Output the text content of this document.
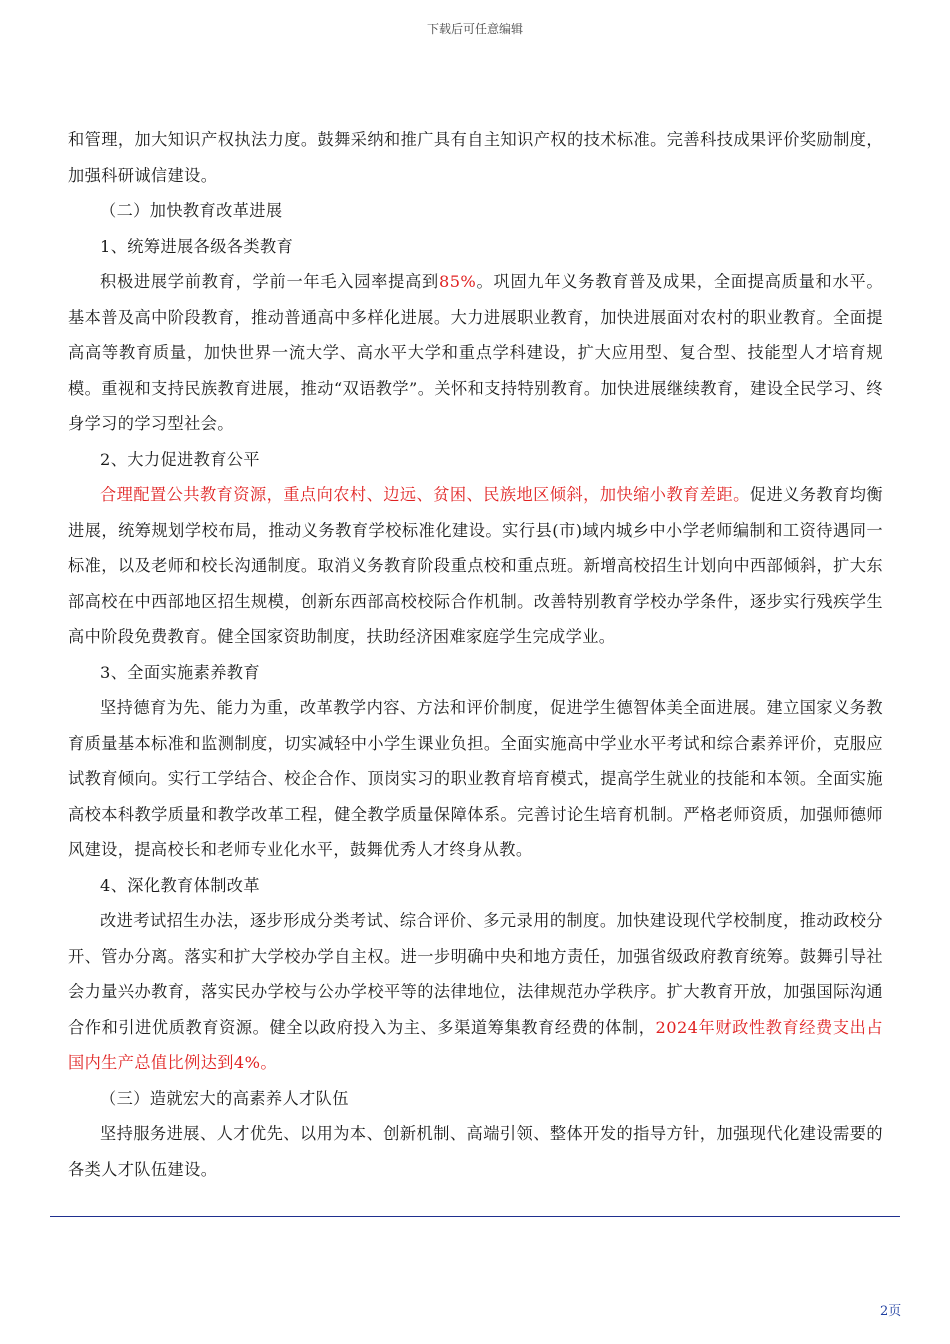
下载后可任意编辑

和管理，加大知识产权执法力度。鼓舞采纳和推广具有自主知识产权的技术标准。完善科技成果评价奖励制度，加强科研诚信建设。

（二）加快教育改革进展

1、统筹进展各级各类教育

积极进展学前教育，学前一年毛入园率提高到85%。巩固九年义务教育普及成果，全面提高质量和水平。基本普及高中阶段教育，推动普通高中多样化进展。大力进展职业教育，加快进展面对农村的职业教育。全面提高高等教育质量，加快世界一流大学、高水平大学和重点学科建设，扩大应用型、复合型、技能型人才培育规模。重视和支持民族教育进展，推动“双语教学”。关怀和支持特别教育。加快进展继续教育，建设全民学习、终身学习的学习型社会。

2、大力促进教育公平

合理配置公共教育资源，重点向农村、边远、贫困、民族地区倾斜，加快缩小教育差距。促进义务教育均衡进展，统筹规划学校布局，推动义务教育学校标准化建设。实行县(市)域内城乡中小学老师编制和工资待遇同一标准，以及老师和校长沟通制度。取消义务教育阶段重点校和重点班。新增高校招生计划向中西部倾斜，扩大东部高校在中西部地区招生规模，创新东西部高校校际合作机制。改善特别教育学校办学条件，逐步实行残疾学生高中阶段免费教育。健全国家资助制度，扶助经济困难家庭学生完成学业。

3、全面实施素养教育

坚持德育为先、能力为重，改革教学内容、方法和评价制度，促进学生德智体美全面进展。建立国家义务教育质量基本标准和监测制度，切实减轻中小学生课业负担。全面实施高中学业水平考试和综合素养评价，克服应试教育倾向。实行工学结合、校企合作、顶岗实习的职业教育培育模式，提高学生就业的技能和本领。全面实施高校本科教学质量和教学改革工程，健全教学质量保障体系。完善讨论生培育机制。严格老师资质，加强师德师风建设，提高校长和老师专业化水平，鼓舞优秀人才终身从教。

4、深化教育体制改革

改进考试招生办法，逐步形成分类考试、综合评价、多元录用的制度。加快建设现代学校制度，推动政校分开、管办分离。落实和扩大学校办学自主权。进一步明确中央和地方责任，加强省级政府教育统筹。鼓舞引导社会力量兴办教育，落实民办学校与公办学校平等的法律地位，法律规范办学秩序。扩大教育开放，加强国际沟通合作和引进优质教育资源。健全以政府投入为主、多渠道筹集教育经费的体制，2024年财政性教育经费支出占国内生产总值比例达到4%。

（三）造就宏大的高素养人才队伍

坚持服务进展、人才优先、以用为本、创新机制、高端引领、整体开发的指导方针，加强现代化建设需要的各类人才队伍建设。

2页
